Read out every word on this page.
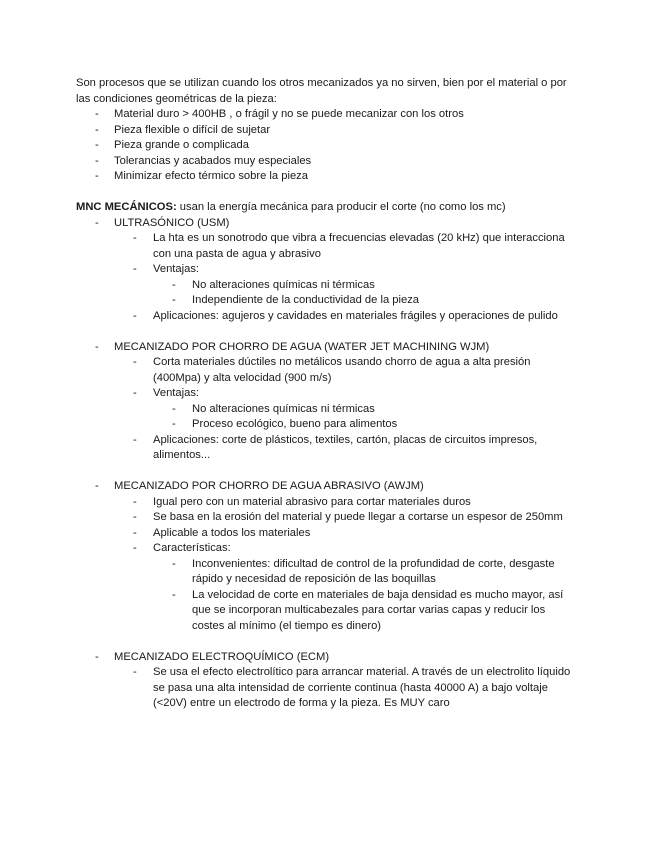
Son procesos que se utilizan cuando los otros mecanizados ya no sirven, bien por el material o por las condiciones geométricas de la pieza:

- Material duro > 400HB , o frágil y no se puede mecanizar con los otros
- Pieza flexible o difícil de sujetar
- Pieza grande o complicada
- Tolerancias y acabados muy especiales
- Minimizar efecto térmico sobre la pieza

MNC MECÁNICOS: usan la energía mecánica para producir el corte (no como los mc)

- ULTRASÓNICO (USM)
- La hta es un sonotrodo que vibra a frecuencias elevadas (20 kHz) que interacciona con una pasta de agua y abrasivo
- Ventajas:
- No alteraciones químicas ni térmicas
- Independiente de la conductividad de la pieza
- Aplicaciones: agujeros y cavidades en materiales frágiles y operaciones de pulido
- MECANIZADO POR CHORRO DE AGUA (WATER JET MACHINING WJM)
- Corta materiales dúctiles no metálicos usando chorro de agua a alta presión (400Mpa) y alta velocidad (900 m/s)
- Ventajas:
- No alteraciones químicas ni térmicas
- Proceso ecológico, bueno para alimentos
- Aplicaciones: corte de plásticos, textiles, cartón, placas de circuitos impresos, alimentos...
- MECANIZADO POR CHORRO DE AGUA ABRASIVO (AWJM)
- Igual pero con un material abrasivo para cortar materiales duros
- Se basa en la erosión del material y puede llegar a cortarse un espesor de 250mm
- Aplicable a todos los materiales
- Características:
- Inconvenientes: dificultad de control de la profundidad de corte, desgaste rápido y necesidad de reposición de las boquillas
- La velocidad de corte en materiales de baja densidad es mucho mayor, así que se incorporan multicabezales para cortar varias capas y reducir los costes al mínimo (el tiempo es dinero)
- MECANIZADO ELECTROQUÍMICO (ECM)
- Se usa el efecto electrolítico para arrancar material. A través de un electrolito líquido se pasa una alta intensidad de corriente continua (hasta 40000 A) a bajo voltaje (<20V) entre un electrodo de forma y la pieza. Es MUY caro
